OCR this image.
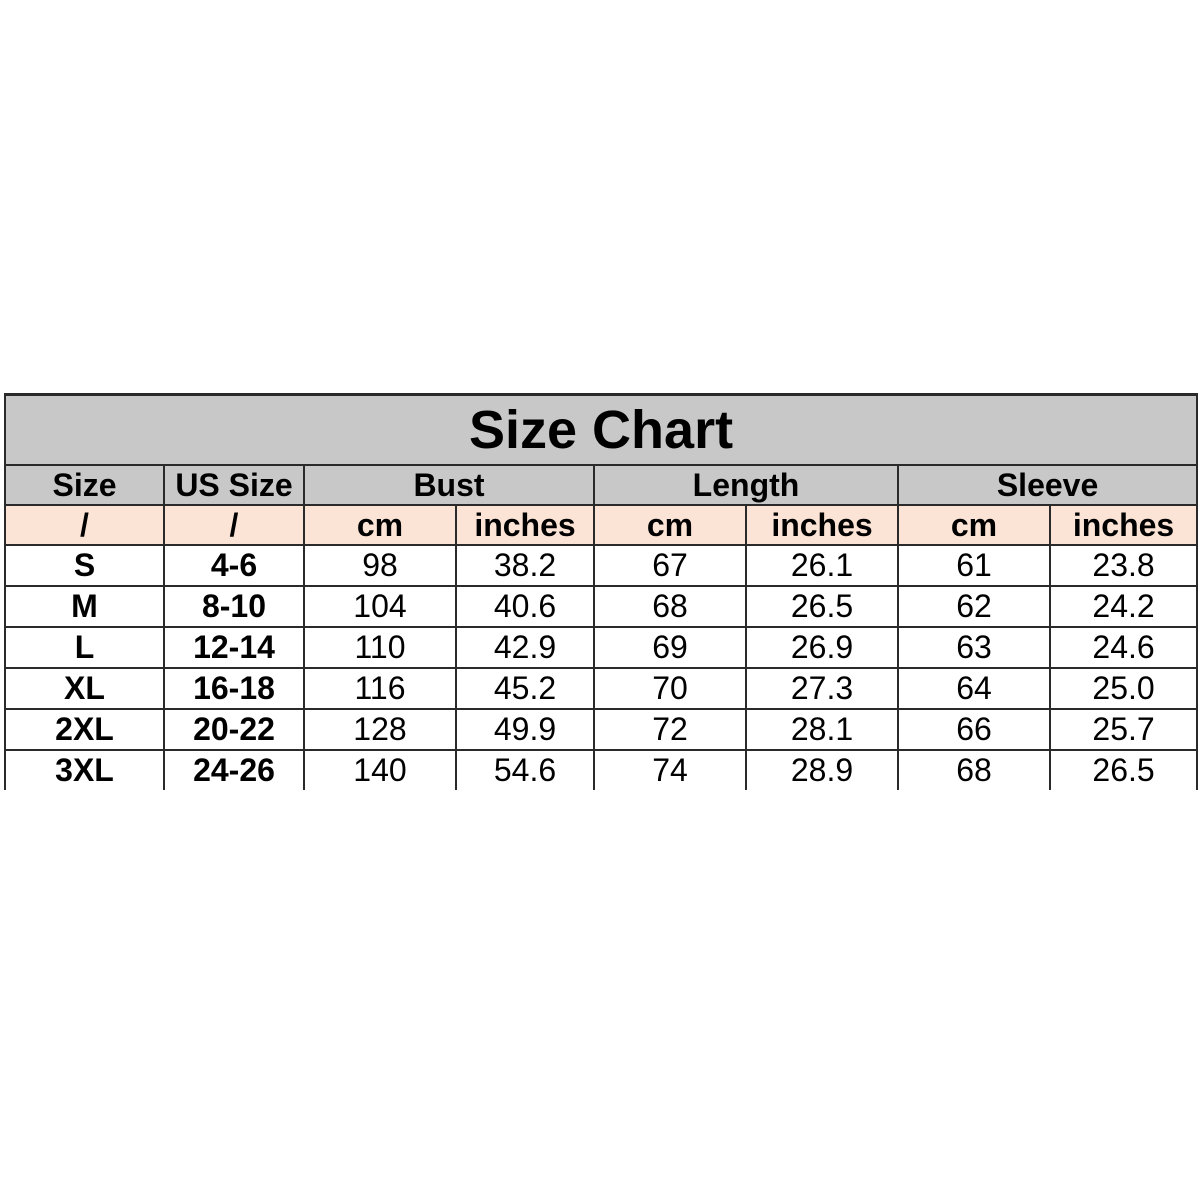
Size Chart							
Size	US Size	Bust		Length		Sleeve	
/	/	cm	inches	cm	inches	cm	inches
S	4-6	98	38.2	67	26.1	61	23.8
M	8-10	104	40.6	68	26.5	62	24.2
L	12-14	110	42.9	69	26.9	63	24.6
XL	16-18	116	45.2	70	27.3	64	25.0
2XL	20-22	128	49.9	72	28.1	66	25.7
3XL	24-26	140	54.6	74	28.9	68	26.5
